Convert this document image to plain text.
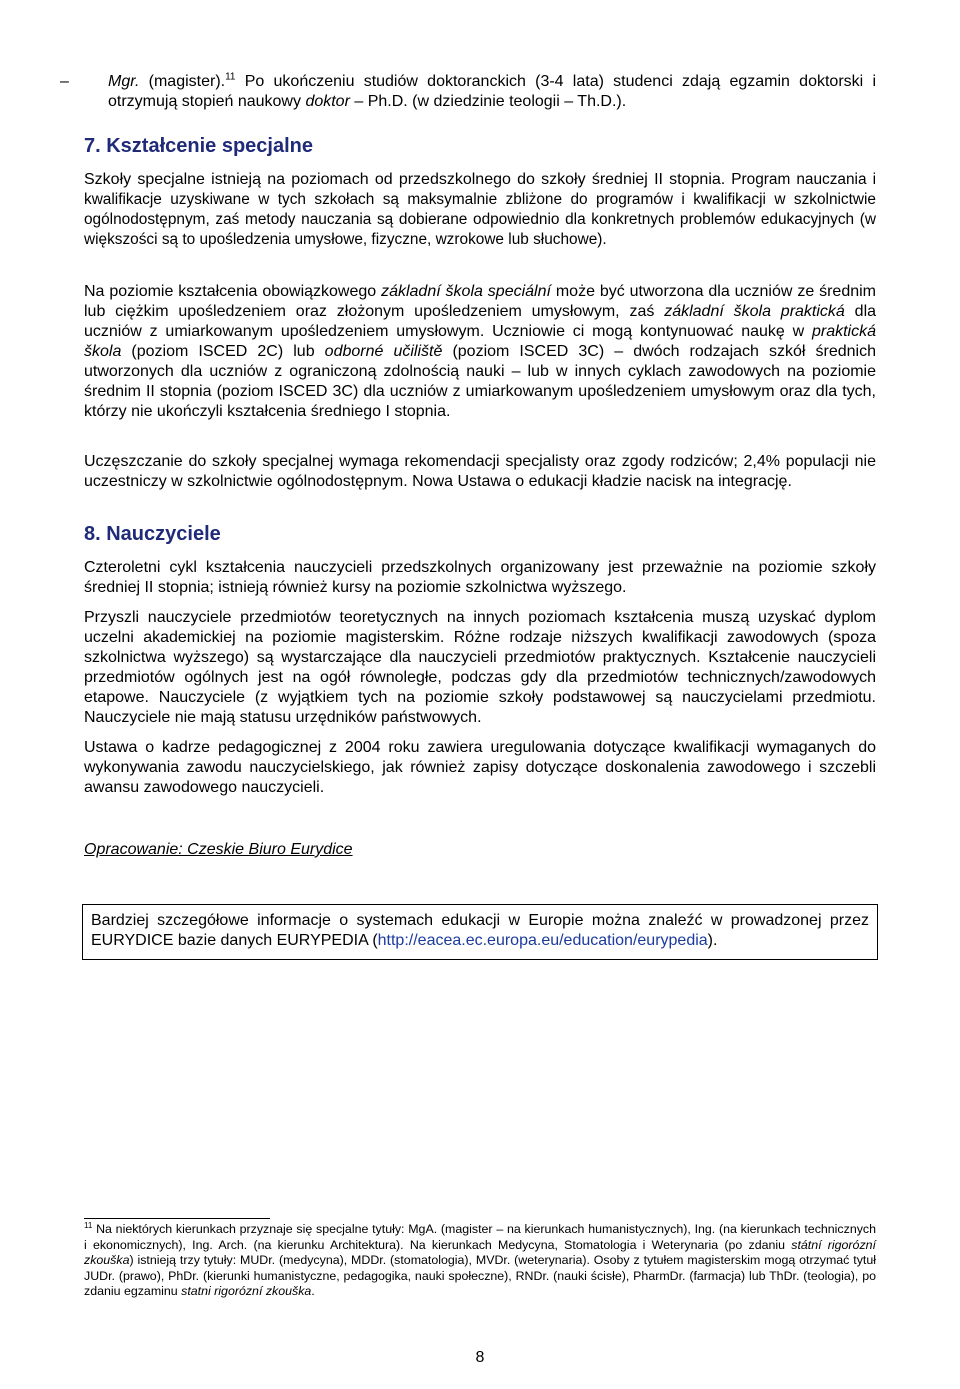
– Mgr. (magister).$^{11}$ Po ukończeniu studiów doktoranckich (3-4 lata) studenci zdają egzamin doktorski i otrzymują stopień naukowy doktor – Ph.D. (w dziedzinie teologii – Th.D.).

7. Kształcenie specjalne

Szkoły specjalne istnieją na poziomach od przedszkolnego do szkoły średniej II stopnia. Program nauczania i kwalifikacje uzyskiwane w tych szkołach są maksymalnie zbliżone do programów i kwalifikacji w szkolnictwie ogólnodostępnym, zaś metody nauczania są dobierane odpowiednio dla konkretnych problemów edukacyjnych (w większości są to upośledzenia umysłowe, fizyczne, wzrokowe lub słuchowe).

Na poziomie kształcenia obowiązkowego základní škola speciální może być utworzona dla uczniów ze średnim lub ciężkim upośledzeniem oraz złożonym upośledzeniem umysłowym, zaś základní škola praktická dla uczniów z umiarkowanym upośledzeniem umysłowym. Uczniowie ci mogą kontynuować naukę w praktická škola (poziom ISCED 2C) lub odborné učiliště (poziom ISCED 3C) – dwóch rodzajach szkół średnich utworzonych dla uczniów z ograniczoną zdolnością nauki – lub w innych cyklach zawodowych na poziomie średnim II stopnia (poziom ISCED 3C) dla uczniów z umiarkowanym upośledzeniem umysłowym oraz dla tych, którzy nie ukończyli kształcenia średniego I stopnia.

Uczęszczanie do szkoły specjalnej wymaga rekomendacji specjalisty oraz zgody rodziców; 2,4% populacji nie uczestniczy w szkolnictwie ogólnodostępnym. Nowa Ustawa o edukacji kładzie nacisk na integrację.

8. Nauczyciele

Czteroletni cykl kształcenia nauczycieli przedszkolnych organizowany jest przeważnie na poziomie szkoły średniej II stopnia; istnieją również kursy na poziomie szkolnictwa wyższego.

Przyszli nauczyciele przedmiotów teoretycznych na innych poziomach kształcenia muszą uzyskać dyplom uczelni akademickiej na poziomie magisterskim. Różne rodzaje niższych kwalifikacji zawodowych (spoza szkolnictwa wyższego) są wystarczające dla nauczycieli przedmiotów praktycznych. Kształcenie nauczycieli przedmiotów ogólnych jest na ogół równoległe, podczas gdy dla przedmiotów technicznych/zawodowych etapowe. Nauczyciele (z wyjątkiem tych na poziomie szkoły podstawowej są nauczycielami przedmiotu. Nauczyciele nie mają statusu urzędników państwowych.

Ustawa o kadrze pedagogicznej z 2004 roku zawiera uregulowania dotyczące kwalifikacji wymaganych do wykonywania zawodu nauczycielskiego, jak również zapisy dotyczące doskonalenia zawodowego i szczebli awansu zawodowego nauczycieli.

Opracowanie: Czeskie Biuro Eurydice

Bardziej szczegółowe informacje o systemach edukacji w Europie można znaleźć w prowadzonej przez EURYDICE bazie danych EURYPEDIA (http://eacea.ec.europa.eu/education/eurypedia).

$^{11}$ Na niektórych kierunkach przyznaje się specjalne tytuły: MgA. (magister – na kierunkach humanistycznych), Ing. (na kierunkach technicznych i ekonomicznych), Ing. Arch. (na kierunku Architektura). Na kierunkach Medycyna, Stomatologia i Weterynaria (po zdaniu státní rigorózní zkouška) istnieją trzy tytuły: MUDr. (medycyna), MDDr. (stomatologia), MVDr. (weterynaria). Osoby z tytułem magisterskim mogą otrzymać tytuł JUDr. (prawo), PhDr. (kierunki humanistyczne, pedagogika, nauki społeczne), RNDr. (nauki ścisłe), PharmDr. (farmacja) lub ThDr. (teologia), po zdaniu egzaminu statni rigorózní zkouška.

8
